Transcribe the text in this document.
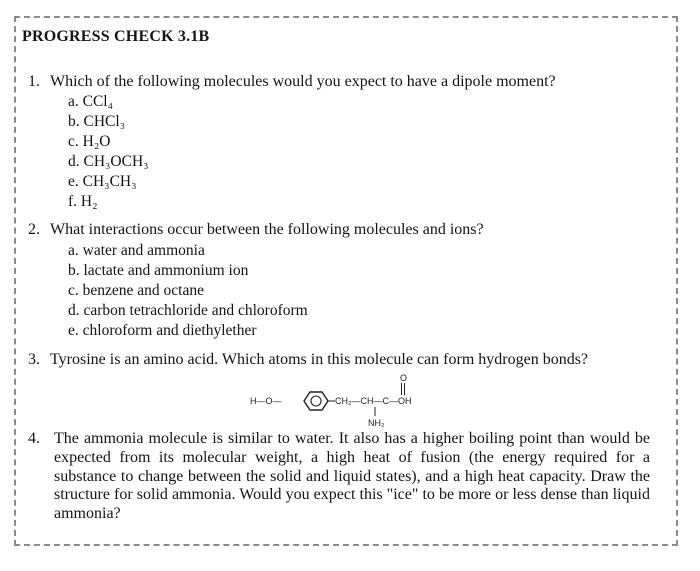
PROGRESS CHECK 3.1B
1. Which of the following molecules would you expect to have a dipole moment?
a. CCl₄
b. CHCl₃
c. H₂O
d. CH₃OCH₃
e. CH₃CH₃
f. H₂
2. What interactions occur between the following molecules and ions?
a. water and ammonia
b. lactate and ammonium ion
c. benzene and octane
d. carbon tetrachloride and chloroform
e. chloroform and diethylether
3. Tyrosine is an amino acid. Which atoms in this molecule can form hydrogen bonds?
H—O—	CH₂—CH—C—OH
O
NH₂
4. The ammonia molecule is similar to water. It also has a higher boiling point than would be expected from its molecular weight, a high heat of fusion (the energy required for a substance to change between the solid and liquid states), and a high heat capacity. Draw the structure for solid ammonia. Would you expect this "ice" to be more or less dense than liquid ammonia?
